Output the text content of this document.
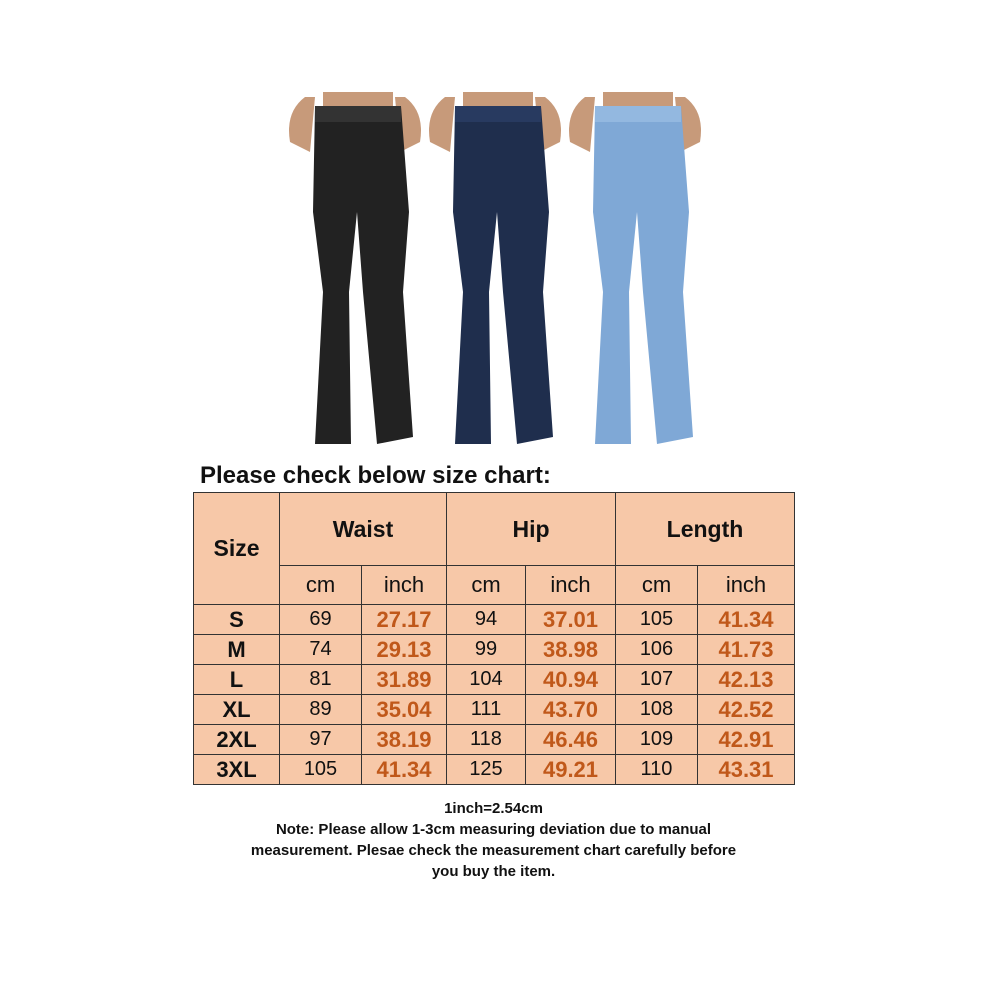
Please check below size chart:
Size	Waist		Hip		Length	
	cm	inch	cm	inch	cm	inch
S	69	27.17	94	37.01	105	41.34
M	74	29.13	99	38.98	106	41.73
L	81	31.89	104	40.94	107	42.13
XL	89	35.04	111	43.70	108	42.52
2XL	97	38.19	118	46.46	109	42.91
3XL	105	41.34	125	49.21	110	43.31
1inch=2.54cm
Note: Please allow 1-3cm measuring deviation due to manual
measurement. Plesae check the measurement chart carefully before
you buy the item.
